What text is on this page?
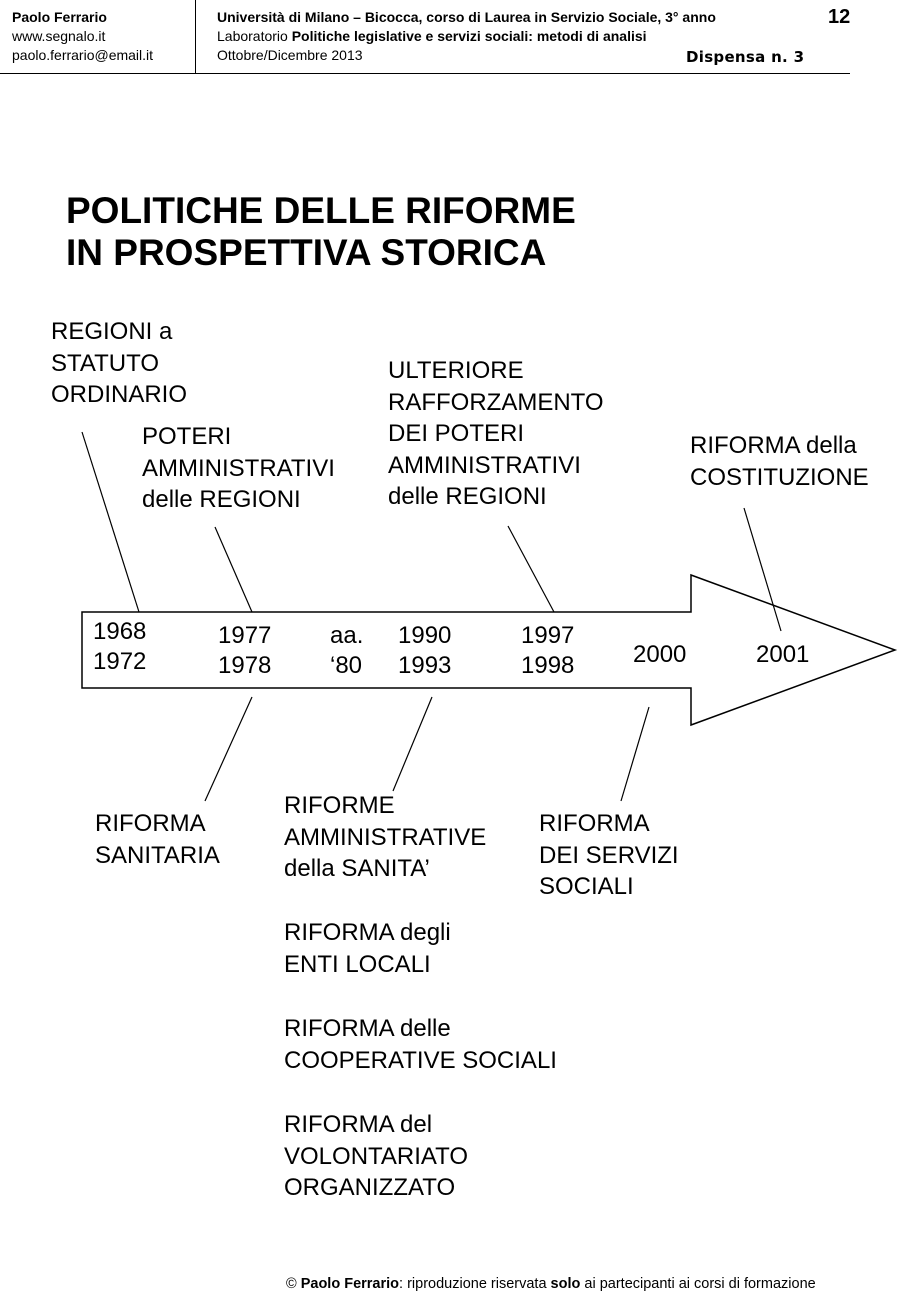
Paolo Ferrario
www.segnalo.it
paolo.ferrario@email.it
Università di Milano – Bicocca, corso di Laurea in Servizio Sociale, 3° anno
Laboratorio Politiche legislative e servizi sociali: metodi di analisi
Ottobre/Dicembre 2013
12
Dispensa n. 3
POLITICHE DELLE RIFORME
IN PROSPETTIVA STORICA
1968
1972
1977
1978
aa.
‘80
1990
1993
1997
1998 2000	2001
REGIONI a
STATUTO
ORDINARIO
POTERI
AMMINISTRATIVI
delle REGIONI
ULTERIORE
RAFFORZAMENTO
DEI POTERI
AMMINISTRATIVI
delle REGIONI
RIFORMA della
COSTITUZIONE
RIFORMA
SANITARIA
RIFORME
AMMINISTRATIVE
della SANITA’
RIFORMA
DEI SERVIZI
SOCIALI
RIFORMA degli
ENTI LOCALI
RIFORMA delle
COOPERATIVE SOCIALI
RIFORMA del
VOLONTARIATO
ORGANIZZATO
© Paolo Ferrario: riproduzione riservata solo ai partecipanti ai corsi di formazione
